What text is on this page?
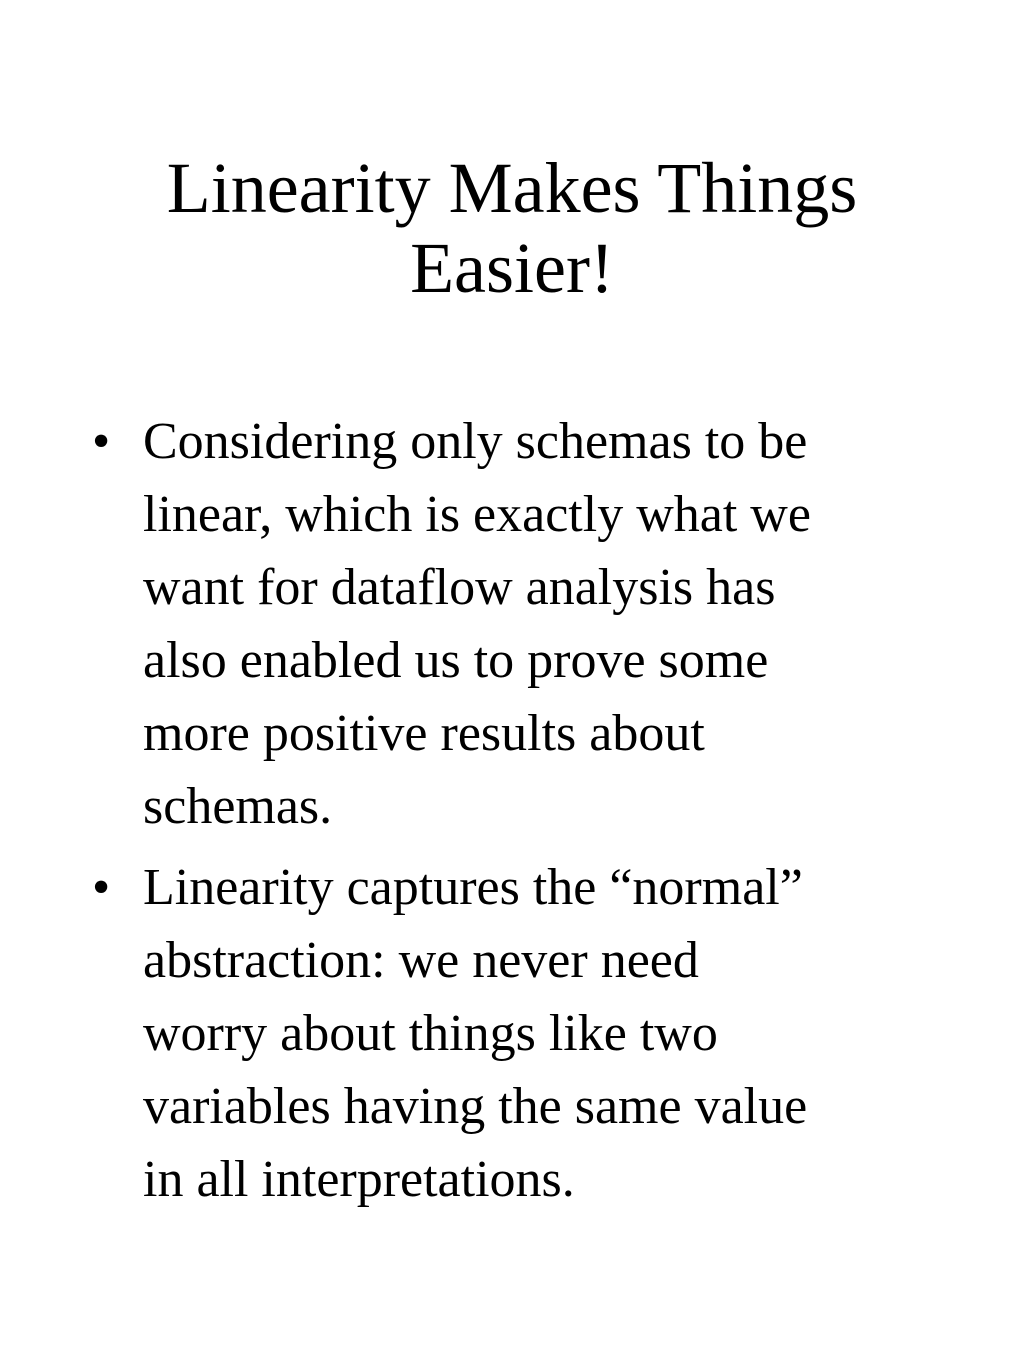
Linearity Makes Things
Easier!
• Considering only schemas to be
linear, which is exactly what we
want for dataflow analysis has
also enabled us to prove some
more positive results about
schemas.
• Linearity captures the “normal”
abstraction: we never need
worry about things like two
variables having the same value
in all interpretations.
